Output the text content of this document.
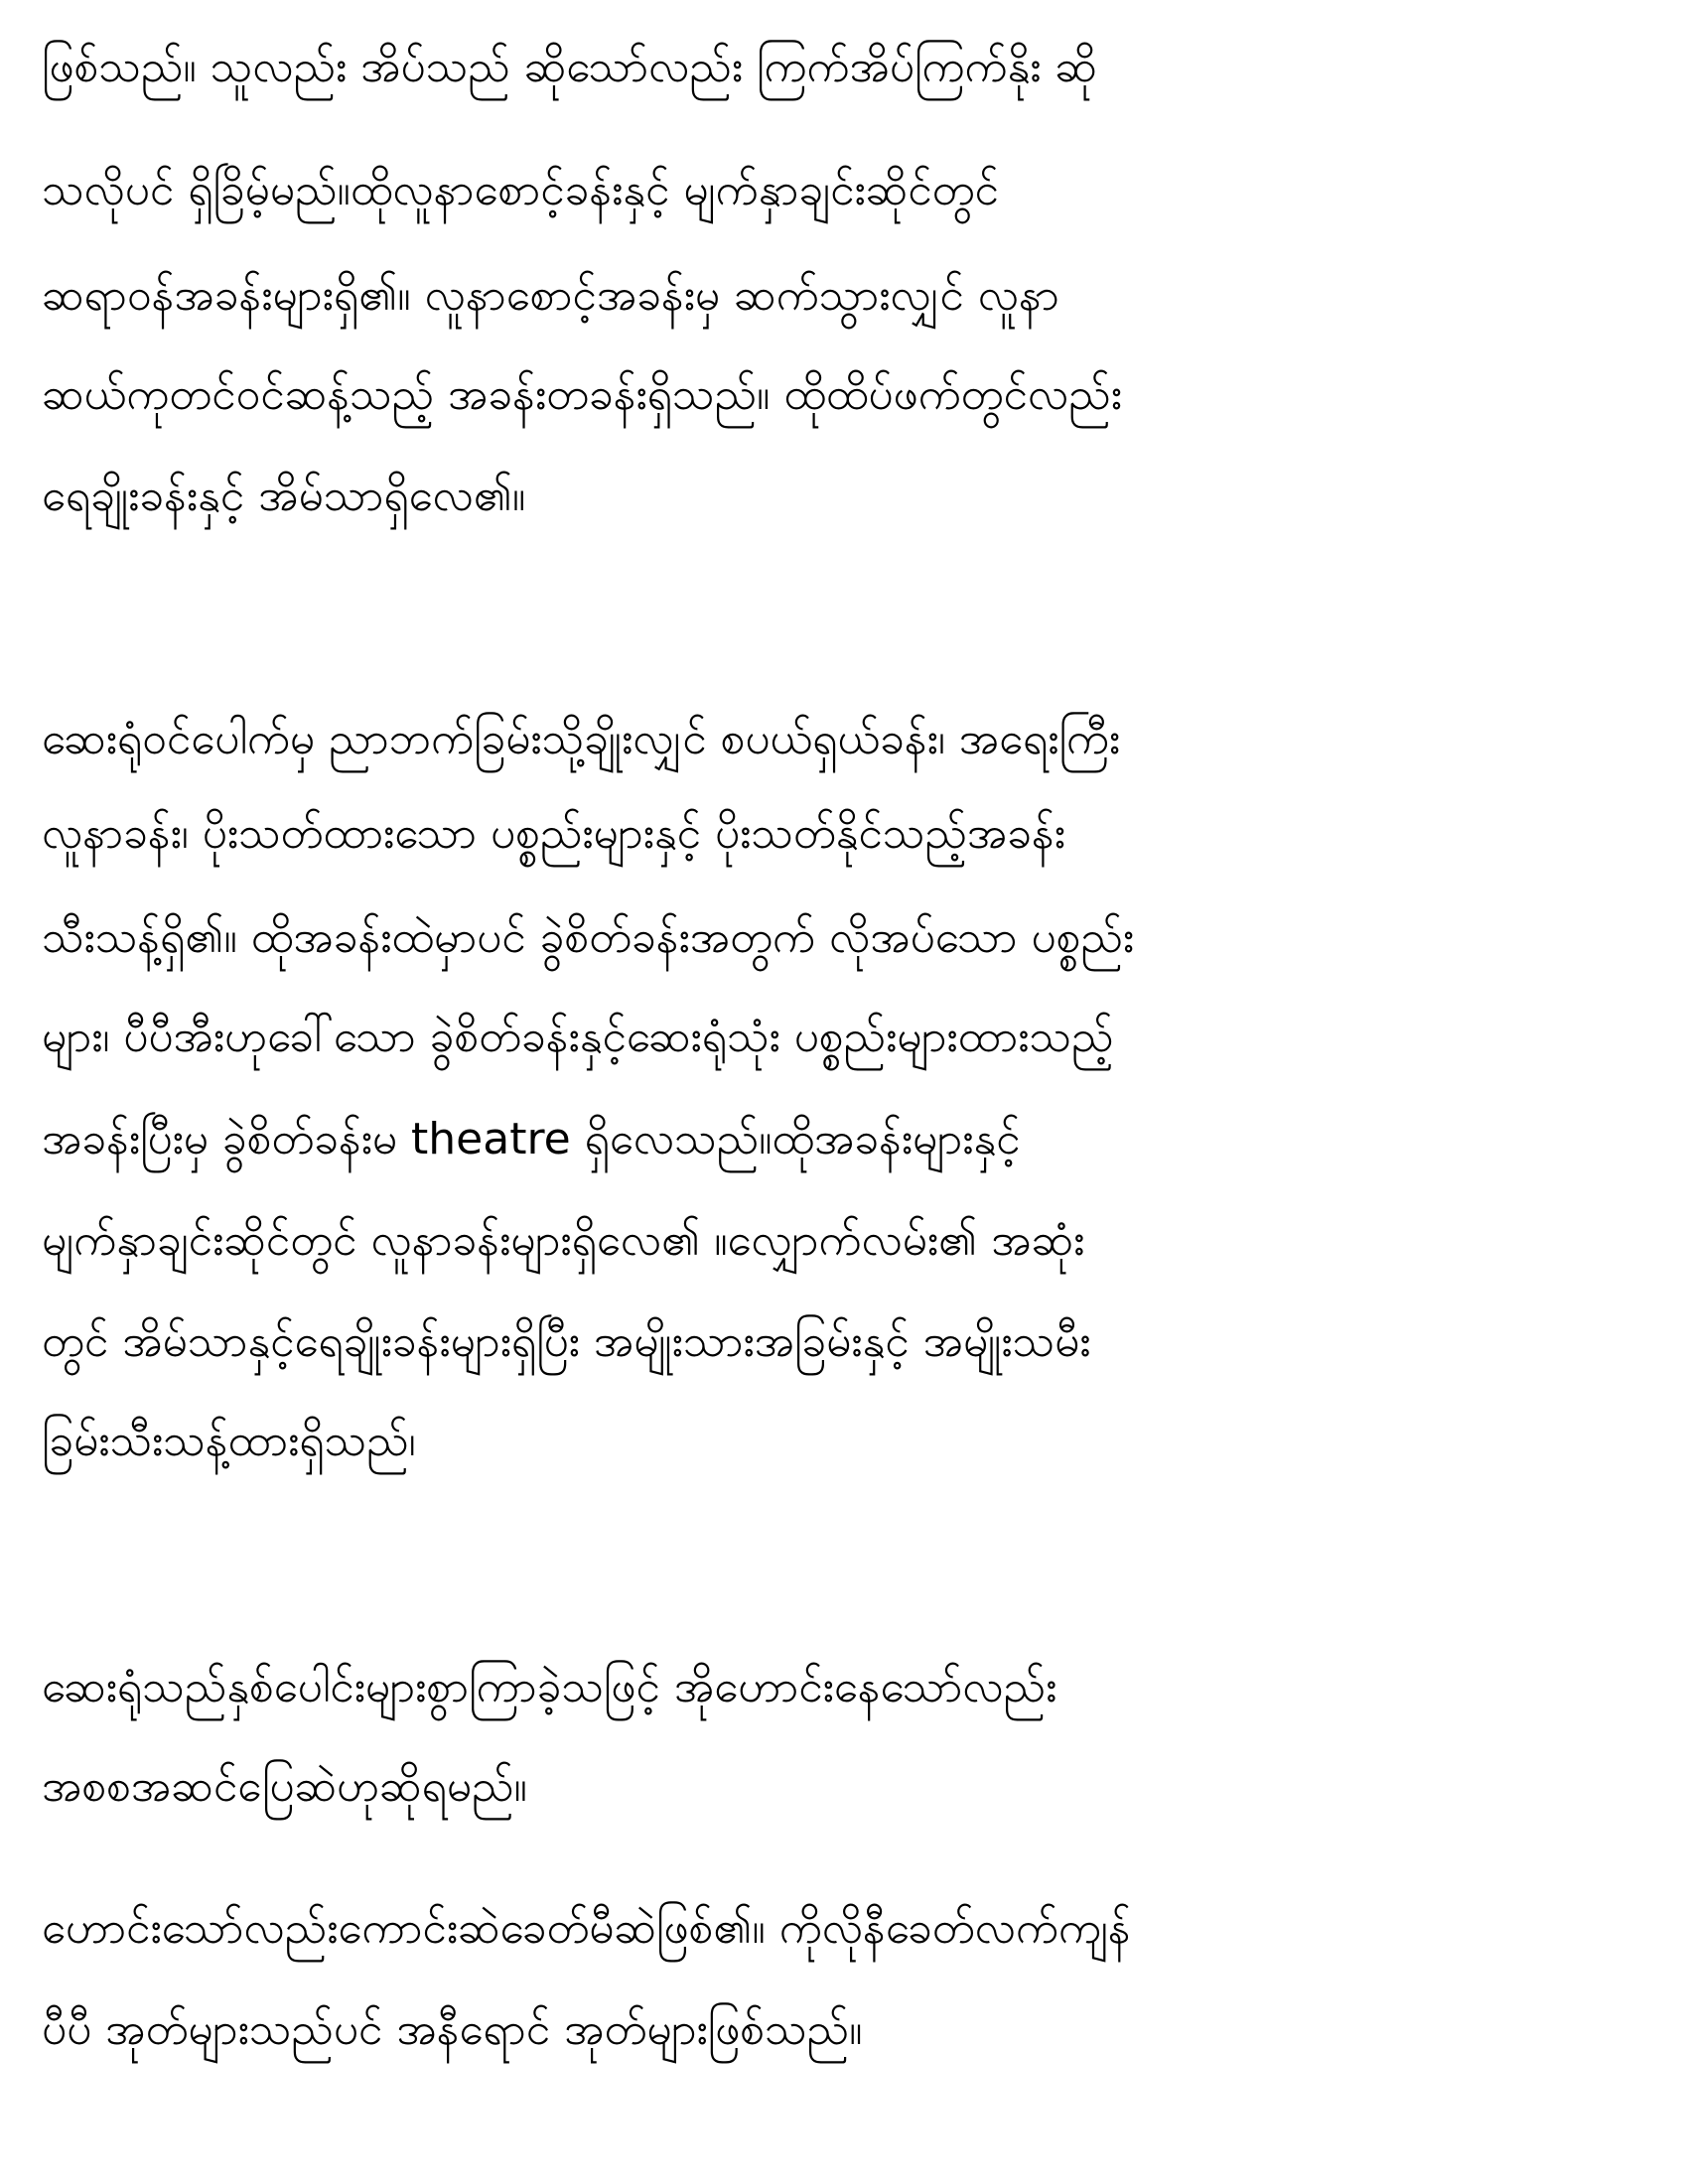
ဖြစ်သည်။ သူလည်း အိပ်သည် ဆိုသော်လည်း ကြက်အိပ်ကြက်နိုး ဆို
သလိုပင် ရှိခြိမ့်မည်။ထိုလူနာစောင့်ခန်းနှင့် မျက်နှာချင်းဆိုင်တွင်
ဆရာဝန်အခန်းများရှိ၏။ လူနာစောင့်အခန်းမှ ဆက်သွားလျှင် လူနာ
ဆယ်ကုတင်ဝင်ဆန့်သည့် အခန်းတခန်းရှိသည်။ ထိုထိပ်ဖက်တွင်လည်း
ရေချိုးခန်းနှင့် အိမ်သာရှိလေ၏။
ဆေးရုံဝင်ပေါက်မှ ညာဘက်ခြမ်းသို့ချိုးလျှင် စပယ်ရှယ်ခန်း၊ အရေးကြီး
လူနာခန်း၊ ပိုးသတ်ထားသော ပစ္စည်းများနှင့် ပိုးသတ်နိုင်သည့်အခန်း
သီးသန့်ရှိ၏။ ထိုအခန်းထဲမှာပင် ခွဲစိတ်ခန်းအတွက် လိုအပ်သော ပစ္စည်း
များ၊ ပီပီအီးဟုခေါ်သော ခွဲစိတ်ခန်းနှင့်ဆေးရုံသုံး ပစ္စည်းများထားသည့်
အခန်းပြီးမှ ခွဲစိတ်ခန်းမ theatre ရှိလေသည်။ထိုအခန်းများနှင့်
မျက်နှာချင်းဆိုင်တွင် လူနာခန်းများရှိလေ၏ ။လျှောက်လမ်း၏ အဆုံး
တွင် အိမ်သာနှင့်ရေချိုးခန်းများရှိပြီး အမျိုးသားအခြမ်းနှင့် အမျိုးသမီး
ခြမ်းသီးသန့်ထားရှိသည်၊
ဆေးရုံသည်နှစ်ပေါင်းများစွာကြာခဲ့သဖြင့် အိုဟောင်းနေသော်လည်း
အစစအဆင်ပြေဆဲဟုဆိုရမည်။
ဟောင်းသော်လည်းကောင်းဆဲခေတ်မီဆဲဖြစ်၏။ ကိုလိုနီခေတ်လက်ကျန်
ပီပီ အုတ်များသည်ပင် အနီရောင် အုတ်များဖြစ်သည်။
